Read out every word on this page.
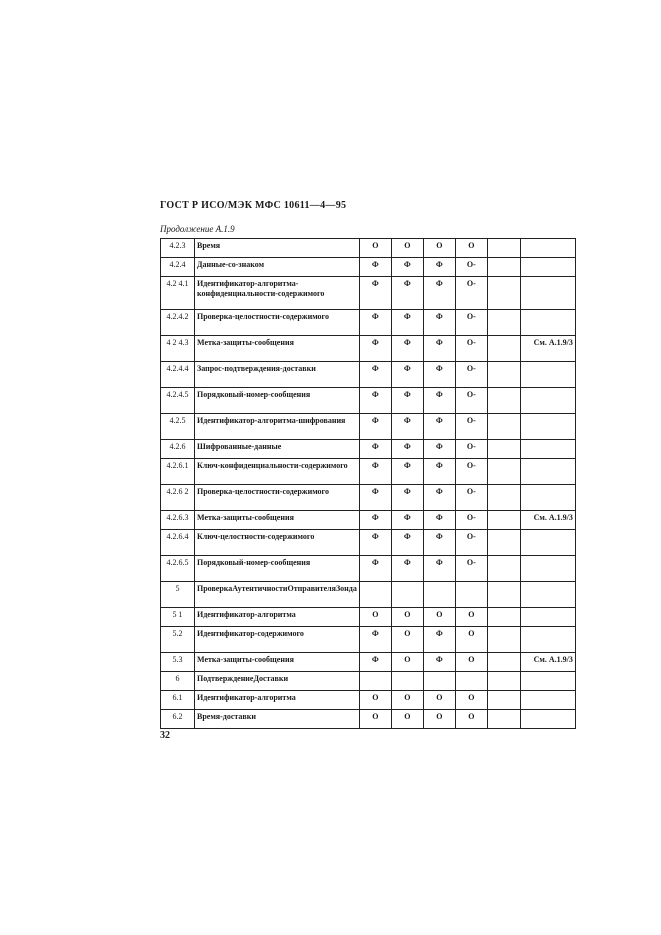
ГОСТ Р ИСО/МЭК МФС 10611—4—95
Продолжение А.1.9
4.2.3	Время	О	О	О	О		
4.2.4	Данные-со-знаком	Ф	Ф	Ф	О-		
4.2 4.1	Идентификатор-алгоритма-конфиденциальности-содержимого	Ф	Ф	Ф	О-		
4.2.4.2	Проверка-целостности-содержимого	Ф	Ф	Ф	О-		
4 2 4.3	Метка-защиты-сообщения	Ф	Ф	Ф	О-		См. А.1.9/3
4.2.4.4	Запрос-подтверждения-доставки	Ф	Ф	Ф	О-		
4.2.4.5	Порядковый-номер-сообщения	Ф	Ф	Ф	О-		
4.2.5	Идентификатор-алгоритма-шифрования	Ф	Ф	Ф	О-		
4.2.6	Шифрованные-данные	Ф	Ф	Ф	О-		
4.2.6.1	Ключ-конфиденциальности-содержимого	Ф	Ф	Ф	О-		
4.2.6 2	Проверка-целостности-содержимого	Ф	Ф	Ф	О-		
4.2.6.3	Метка-защиты-сообщения	Ф	Ф	Ф	О-		См. А.1.9/3
4.2.6.4	Ключ-целостности-содержимого	Ф	Ф	Ф	О-		
4.2.6.5	Порядковый-номер-сообщения	Ф	Ф	Ф	О-		
5	ПроверкаАутентичностиОтправителяЗонда						
5 1	Идентификатор-алгоритма	О	О	О	О		
5.2	Идентификатор-содержимого	Ф	О	Ф	О		
5.3	Метка-защиты-сообщения	Ф	О	Ф	О		См. А.1.9/3
6	ПодтверждениеДоставки						
6.1	Идентификатор-алгоритма	О	О	О	О		
6.2	Время-доставки	О	О	О	О		
32
